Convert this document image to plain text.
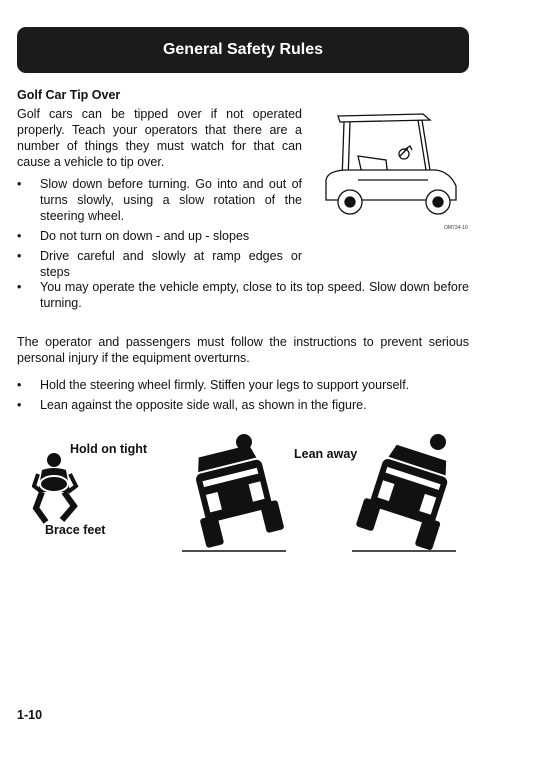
General Safety Rules
Golf Car Tip Over
Golf cars can be tipped over if not operated properly. Teach your operators that there are a number of things they must watch for that can cause a vehicle to tip over.
• Slow down before turning. Go into and out of turns slowly, using a slow rotation of the steering wheel.
• Do not turn on down - and up - slopes
• Drive careful and slowly at ramp edges or steps
• You may operate the vehicle empty, close to its top speed. Slow down before turning.
The operator and passengers must follow the instructions to prevent serious personal injury if the equipment overturns.
• Hold the steering wheel firmly. Stiffen your legs to support yourself.
• Lean against the opposite side wall, as shown in the figure.
OM724-10
Hold on tight
Brace feet
Lean away
1-10
